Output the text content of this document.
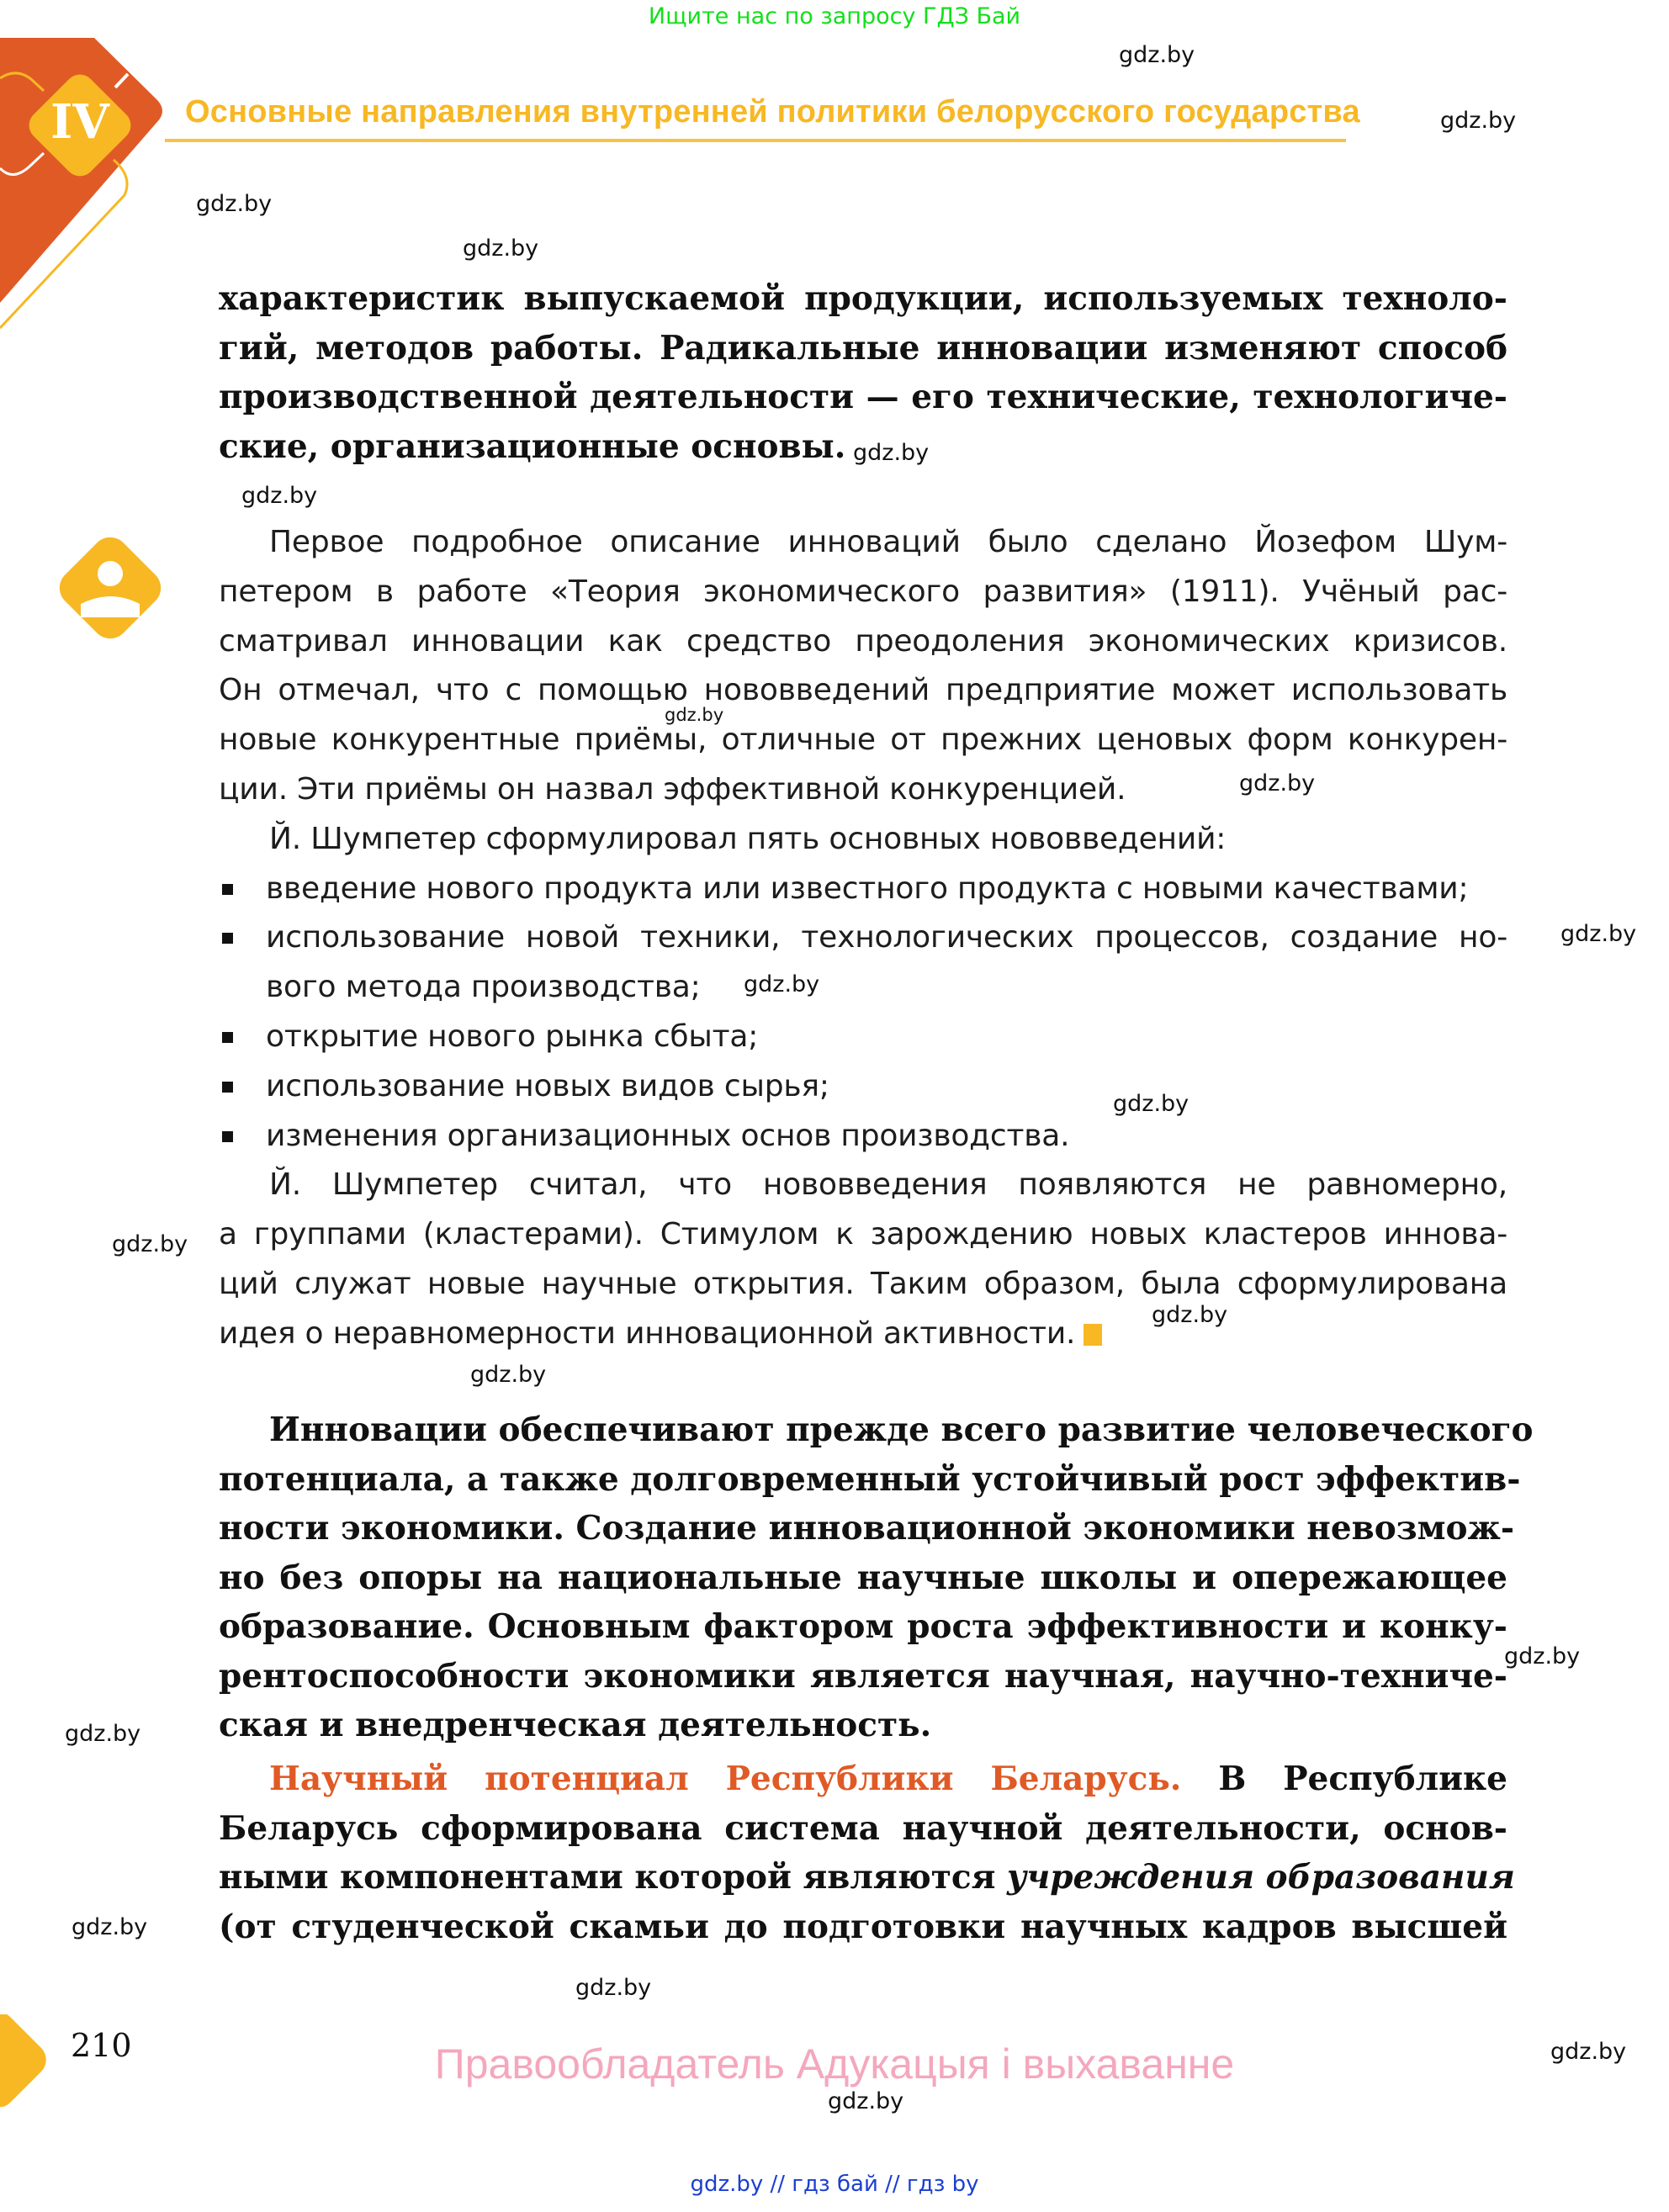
Ищите нас по запросу ГДЗ Бай
IV Основные направления внутренней политики белорусского государства
характеристик выпускаемой продукции, используемых техноло-
гий, методов работы. Радикальные инновации изменяют способ
производственной деятельности — его технические, технологиче-
ские, организационные основы.
Первое подробное описание инноваций было сделано Йозефом Шум-
петером в работе «Теория экономического развития» (1911). Учёный рас-
сматривал инновации как средство преодоления экономических кризисов.
Он отмечал, что с помощью нововведений предприятие может использовать
новые конкурентные приёмы, отличные от прежних ценовых форм конкурен-
ции. Эти приёмы он назвал эффективной конкуренцией.
Й. Шумпетер сформулировал пять основных нововведений:
введение нового продукта или известного продукта с новыми качествами;
использование новой техники, технологических процессов, создание но-
вого метода производства;
открытие нового рынка сбыта;
использование новых видов сырья;
изменения организационных основ производства.
Й. Шумпетер считал, что нововведения появляются не равномерно,
а группами (кластерами). Стимулом к зарождению новых кластеров иннова-
ций служат новые научные открытия. Таким образом, была сформулирована
идея о неравномерности инновационной активности.
Инновации обеспечивают прежде всего развитие человеческого
потенциала, а также долговременный устойчивый рост эффектив-
ности экономики. Создание инновационной экономики невозмож-
но без опоры на национальные научные школы и опережающее
образование. Основным фактором роста эффективности и конку-
рентоспособности экономики является научная, научно-техниче-
ская и внедренческая деятельность.
Научный потенциал Республики Беларусь. В Республике
Беларусь сформирована система научной деятельности, основ-
ными компонентами которой являются учреждения образования
(от студенческой скамьи до подготовки научных кадров высшей
210	Правообладатель Адукацыя і выхаванне
gdz.by // гдз бай // гдз by
gdz.by
gdz.by
gdz.by
gdz.by
gdz.by
gdz.by
gdz.by
gdz.by
gdz.by
gdz.by
gdz.by
gdz.by
gdz.by
gdz.by
gdz.by
gdz.by
gdz.by
gdz.by
gdz.by
gdz.by
